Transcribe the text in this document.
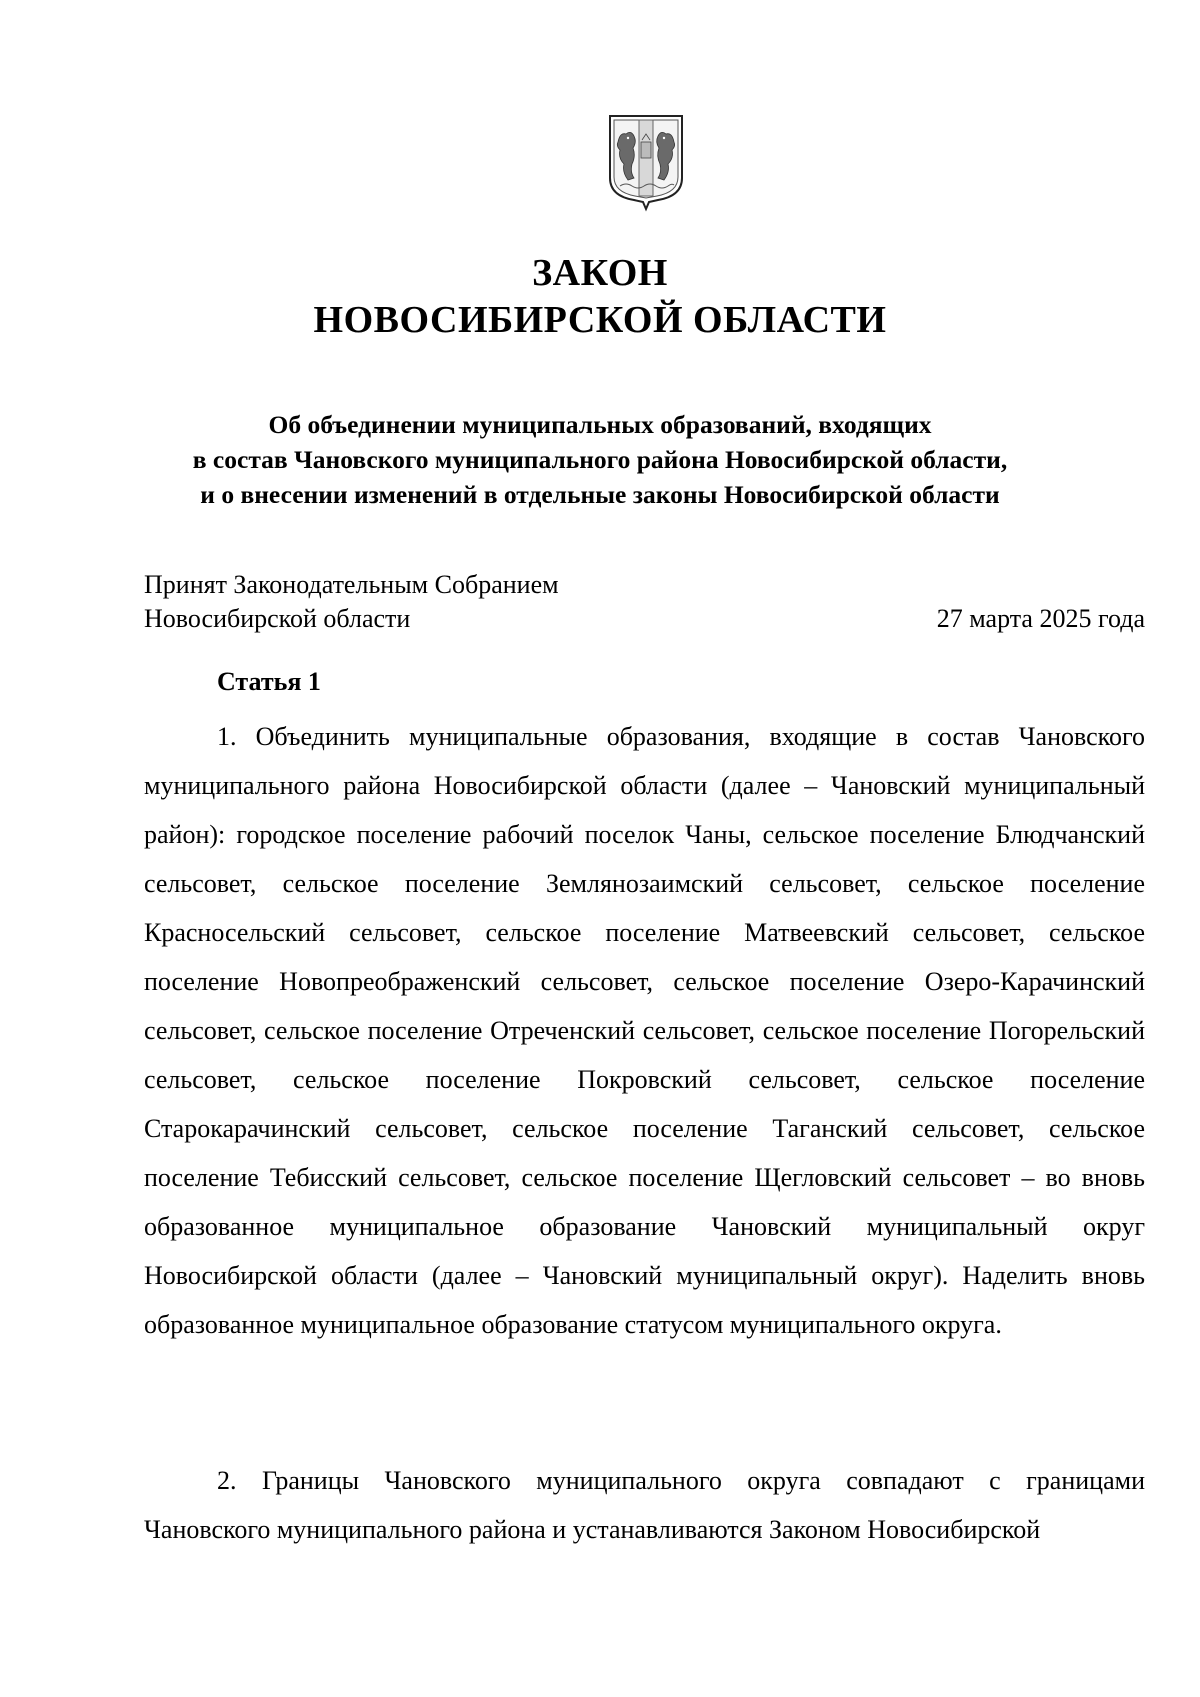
ЗАКОН
НОВОСИБИРСКОЙ ОБЛАСТИ
Об объединении муниципальных образований, входящих
в состав Чановского муниципального района Новосибирской области,
и о внесении изменений в отдельные законы Новосибирской области
Принят Законодательным Собранием
Новосибирской области	27 марта 2025 года
Статья 1

1. Объединить муниципальные образования, входящие в состав Чановского муниципального района Новосибирской области (далее – Чановский муниципальный район): городское поселение рабочий поселок Чаны, сельское поселение Блюдчанский сельсовет, сельское поселение Землянозаимский сельсовет, сельское поселение Красносельский сельсовет, сельское поселение Матвеевский сельсовет, сельское поселение Новопреображенский сельсовет, сельское поселение Озеро-Карачинский сельсовет, сельское поселение Отреченский сельсовет, сельское поселение Погорельский сельсовет, сельское поселение Покровский сельсовет, сельское поселение Старокарачинский сельсовет, сельское поселение Таганский сельсовет, сельское поселение Тебисский сельсовет, сельское поселение Щегловский сельсовет – во вновь образованное муниципальное образование Чановский муниципальный округ Новосибирской области (далее – Чановский муниципальный округ). Наделить вновь образованное муниципальное образование статусом муниципального округа.

2. Границы Чановского муниципального округа совпадают с границами Чановского муниципального района и устанавливаются Законом Новосибирской
